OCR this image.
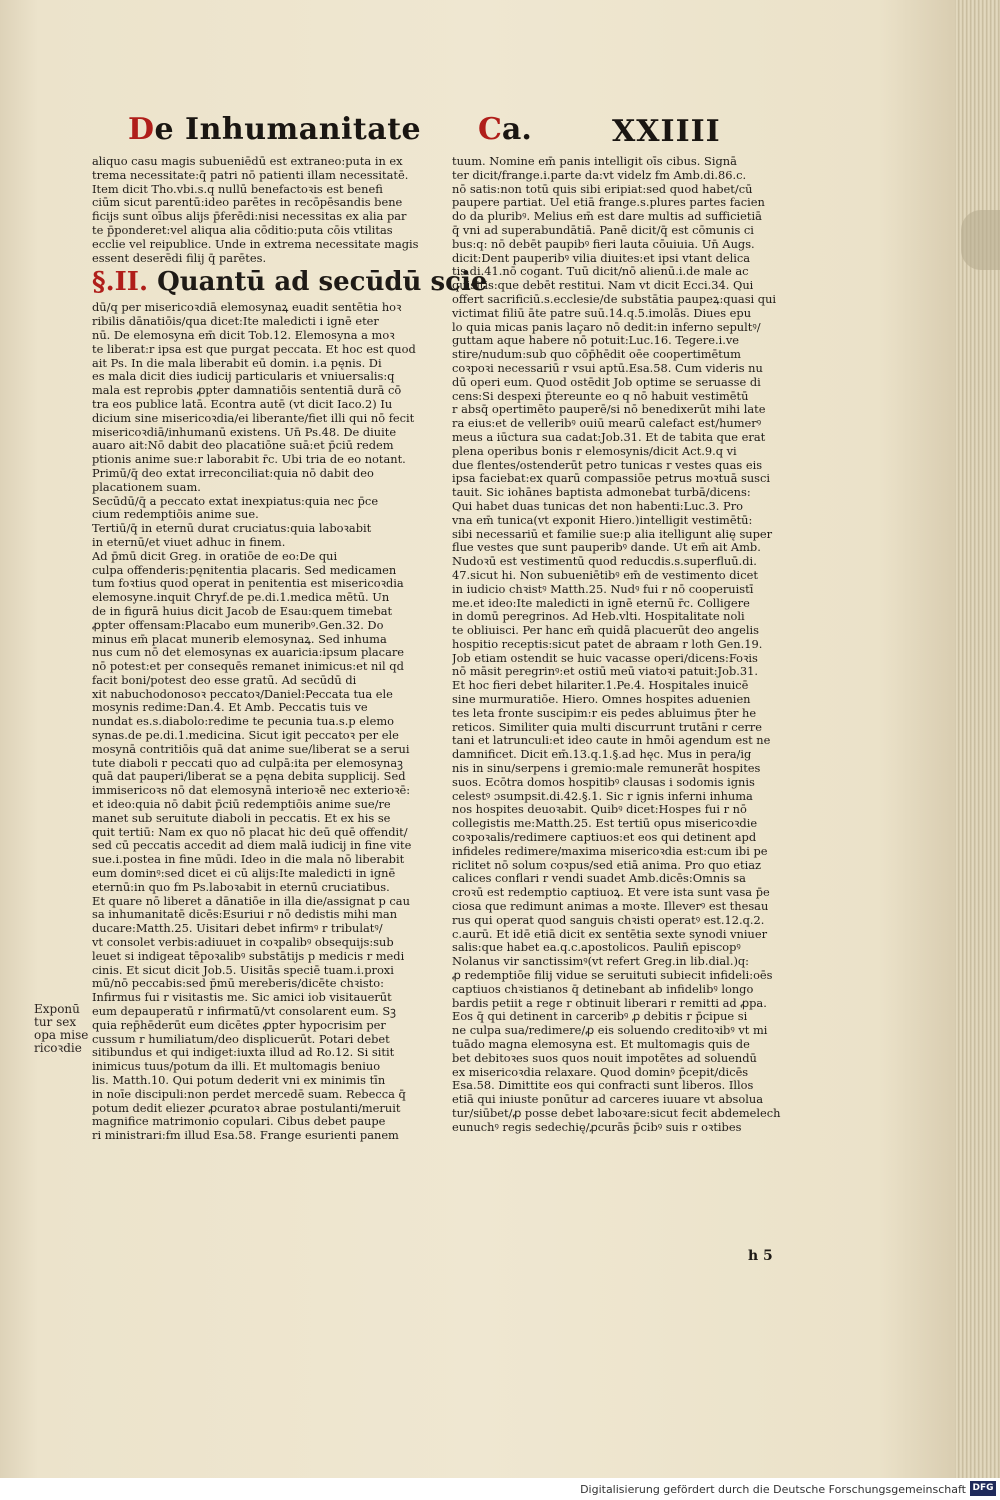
De Inhumanitate Ca.	XXIIII
aliquo casu magis subueniēdū est extraneo:puta in ex
trema necessitate:q̄ patri nō patienti illam necessitatē.
Item dicit Tho.vbi.s.q nullū benefactoꝛis est benefi
ciūm sicut parentū:ideo parētes in recōpēsandis bene
ficijs sunt oībus alijs p̄ferēdi:nisi necessitas ex alia par
te p̄ponderet:vel aliqua alia cōditio:puta cōis vtilitas
ecclie vel reipublice. Unde in extrema necessitate magis
essent deserēdi filij q̄ parētes.
§.II. Quantū ad secūdū scie
dū/q per misericoꝛdiā elemosynaꝝ euadit sentētia hoꝛ
ribilis dānatiōis/qua dicet:Ite maledicti i ignē eter
nū. De elemosyna em̄ dicit Tob.12. Elemosyna a moꝛ
te liberat:r ipsa est que purgat peccata. Et hoc est quod
ait Ps. In die mala liberabit eū domin. i.a pęnis. Di
es mala dicit dies iudicij particularis et vniuersalis:q
mala est reprobis ꝓpter damnatiōis sententiā durā cō
tra eos publice latā. Econtra autē (vt dicit Iaco.2) Iu
dicium sine misericoꝛdia/ei liberante/fiet illi qui nō fecit
misericoꝛdiā/inhumanū existens. Un̄ Ps.48. De diuite
auaro ait:Nō dabit deo placatiōne suā:et p̄ciū redem
ptionis anime sue:r laborabit r̄c. Ubi tria de eo notant.
Primū/q̄ deo extat irreconciliat:quia nō dabit deo
placationem suam.
Secūdū/q̄ a peccato extat inexpiatus:quia nec p̄ce
cium redemptiōis anime sue.
Tertiū/q̄ in eternū durat cruciatus:quia laboꝛabit
in eternū/et viuet adhuc in finem.
Ad p̄mū dicit Greg. in oratiōe de eo:De qui
culpa offenderis:pęnitentia placaris. Sed medicamen
tum foꝛtius quod operat in penitentia est misericoꝛdia
elemosyne.inquit Chryf.de pe.di.1.medica mētū. Un
de in figurā huius dicit Jacob de Esau:quem timebat
ꝓpter offensam:Placabo eum muneribꝰ.Gen.32. Do
minus em̄ placat munerib elemosynaꝝ. Sed inhuma
nus cum nō det elemosynas ex auaricia:ipsum placare
nō potest:et per consequēs remanet inimicus:et nil qd̄
facit boni/potest deo esse gratū. Ad secūdū di
xit nabuchodonosoꝛ peccatoꝛ/Daniel:Peccata tua ele
mosynis redime:Dan.4. Et Amb. Peccatis tuis ve
nundat es.s.diabolo:redime te pecunia tua.s.p elemo
synas.de pe.di.1.medicina. Sicut igit peccatoꝛ per ele
mosynā contritiōis quā dat anime sue/liberat se a serui
tute diaboli r peccati quo ad culpā:ita per elemosynaꝫ
quā dat pauperi/liberat se a pęna debita supplicij. Sed
immisericoꝛs nō dat elemosynā interioꝛē nec exterioꝛē:
et ideo:quia nō dabit p̄ciū redemptiōis anime sue/re
manet sub seruitute diaboli in peccatis. Et ex his se
quit tertiū: Nam ex quo nō placat hic deū quē offendit/
sed cū peccatis accedit ad diem malā iudicij in fine vite
sue.i.postea in fine mūdi. Ideo in die mala nō liberabit
eum dominꝰ:sed dicet ei cū alijs:Ite maledicti in ignē
eternū:in quo fm Ps.laboꝛabit in eternū cruciatibus.
Et quare nō liberet a dānatiōe in illa die/assignat p cau
sa inhumanitatē dicēs:Esuriui r nō dedistis mihi man
ducare:Matth.25. Uisitari debet infirmꝰ r tribulatꝰ/
vt consolet verbis:adiuuet in coꝛpalibꝰ obsequijs:sub
leuet si indigeat tēpoꝛalibꝰ substātijs p medicis r medi
cinis. Et sicut dicit Job.5. Uisitās speciē tuam.i.proxi
mū/nō peccabis:sed p̄mū mereberis/dicēte chꝛisto:
Infirmus fui r visitastis me. Sic amici iob visitauerūt
eum depauperatū r infirmatū/vt consolarent eum. Sꝫ
quia rep̄hēderūt eum dicētes ꝓpter hypocrisim per
cussum r humiliatum/deo displicuerūt. Potari debet
sitibundus et qui indiget:iuxta illud ad Ro.12. Si sitit
inimicus tuus/potum da illi. Et multomagis beniuo
lis. Matth.10. Qui potum dederit vni ex minimis tīn
in noīe discipuli:non perdet mercedē suam. Rebecca q̄
potum dedit eliezer ꝓcuratoꝛ abrae postulanti/meruit
magnifice matrimonio copulari. Cibus debet paupe
ri ministrari:fm illud Esa.58. Frange esurienti panem
Exponū
tur sex
opa mise
ricoꝛdie
tuum. Nomine em̄ panis intelligit oīs cibus. Signā
ter dicit/frange.i.parte da:vt videlz fm Amb.di.86.c.
nō satis:non totū quis sibi eripiat:sed quod habet/cū
paupere partiat. Uel etiā frange.s.plures partes facien
do da pluribꝰ. Melius em̄ est dare multis ad sufficietiā
q̄ vni ad superabundātiā. Panē dicit/q̄ est cōmunis ci
bus:q: nō debēt paupibꝰ fieri lauta cōuiuia. Un̄ Augs.
dicit:Dent pauperibꝰ vilia diuites:et ipsi vtant delica
tis.di.41.nō cogant. Tuū dicit/nō alienū.i.de male ac
quisitis:que debēt restitui. Nam vt dicit Ecci.34. Qui
offert sacrificiū.s.ecclesie/de substātia paupeꝝ:quasi qui
victimat filiū āte patre suū.14.q.5.imolās. Diues epu
lo quia micas panis laçaro nō dedit:in inferno sepultꝰ/
guttam aque habere nō potuit:Luc.16. Tegere.i.ve
stire/nudum:sub quo cōp̄hēdit oēe coopertimētum
coꝛpoꝛi necessariū r vsui aptū.Esa.58. Cum videris nu
dū operi eum. Quod ostēdit Job optime se seruasse di
cens:Si despexi p̄tereunte eo q nō habuit vestimētū
r absq̄ opertimēto pauperē/si nō benedixerūt mihi late
ra eius:et de velleribꝰ ouiū mearū calefact est/humerꝰ
meus a iūctura sua cadat:Job.31. Et de tabita que erat
plena operibus bonis r elemosynis/dicit Act.9.q vi
due flentes/ostenderūt petro tunicas r vestes quas eis
ipsa faciebat:ex quarū compassiōe petrus moꝛtuā susci
tauit. Sic iohānes baptista admonebat turbā/dicens:
Qui habet duas tunicas det non habenti:Luc.3. Pro
vna em̄ tunica(vt exponit Hiero.)intelligit vestimētū:
sibi necessariū et familie sue:p alia itelligunt alię super
flue vestes que sunt pauperibꝰ dande. Ut em̄ ait Amb.
Nudoꝛū est vestimentū quod reducdis.s.superfluū.di.
47.sicut hi. Non subueniētibꝰ em̄ de vestimento dicet
in iudicio chꝛistꝰ Matth.25. Nudꝰ fui r nō cooperuistī
me.et ideo:Ite maledicti in ignē eternū r̄c. Colligere
in domū peregrinos. Ad Heb.vlti. Hospitalitate noli
te obliuisci. Per hanc em̄ quidā placuerūt deo angelis
hospitio receptis:sicut patet de abraam r loth Gen.19.
Job etiam ostendit se huic vacasse operi/dicens:Foꝛis
nō māsit peregrinꝰ:et ostiū meū viatoꝛi patuit:Job.31.
Et hoc fieri debet hilariter.1.Pe.4. Hospitales inuicē
sine murmuratiōe. Hiero. Omnes hospites aduenien
tes leta fronte suscipim:r eis pedes abluimus p̄ter he
reticos. Similiter quia multi discurrunt trutāni r cerre
tani et latrunculi:et ideo caute in hmōi agendum est ne
damnificet. Dicit em̄.13.q.1.§.ad hęc. Mus in pera/ig
nis in sinu/serpens i gremio:male remunerāt hospites
suos. Ecōtra domos hospitibꝰ clausas i sodomis ignis
celestꝰ ɔsumpsit.di.42.§.1. Sic r ignis inferni inhuma
nos hospites deuoꝛabit. Quibꝰ dicet:Hospes fui r nō
collegistis me:Matth.25. Est tertiū opus misericoꝛdie
coꝛpoꝛalis/redimere captiuos:et eos qui detinent apd
infideles redimere/maxima misericoꝛdia est:cum ibi pe
riclitet nō solum coꝛpus/sed etiā anima. Pro quo etiaz
calices conflari r vendi suadet Amb.dicēs:Omnis sa
croꝛū est redemptio captiuoꝝ. Et vere ista sunt vasa p̄e
ciosa que redimunt animas a moꝛte. Illeverꝰ est thesau
rus qui operat quod sanguis chꝛisti operatꝰ est.12.q.2.
c.aurū. Et idē etiā dicit ex sentētia sexte synodi vniuer
salis:que habet ea.q.c.apostolicos. Paulin̄ episcopꝰ
Nolanus vir sanctissimꝰ(vt refert Greg.in lib.dial.)q:
ꝓ redemptiōe filij vidue se seruituti subiecit infideli:oēs
captiuos chꝛistianos q̄ detinebant ab infidelibꝰ longo
bardis petiit a rege r obtinuit liberari r remitti ad ꝓpa.
Eos q̄ qui detinent in carceribꝰ ꝓ debitis r p̄cipue si
ne culpa sua/redimere/ꝓ eis soluendo creditoꝛibꝰ vt mi
tuādo magna elemosyna est. Et multomagis quis de
bet debitoꝛes suos quos nouit impotētes ad soluendū
ex misericoꝛdia relaxare. Quod dominꝰ p̄cepit/dicēs
Esa.58. Dimittite eos qui confracti sunt liberos. Illos
etiā qui iniuste ponūtur ad carceres iuuare vt absolua
tur/siūbet/ꝓ posse debet laboꝛare:sicut fecit abdemelech
eunuchꝰ regis sedechię/ꝓcurās p̄cibꝰ suis r oꝛtibes
h 5
Digitalisierung gefördert durch die Deutsche Forschungsgemeinschaft DFG
